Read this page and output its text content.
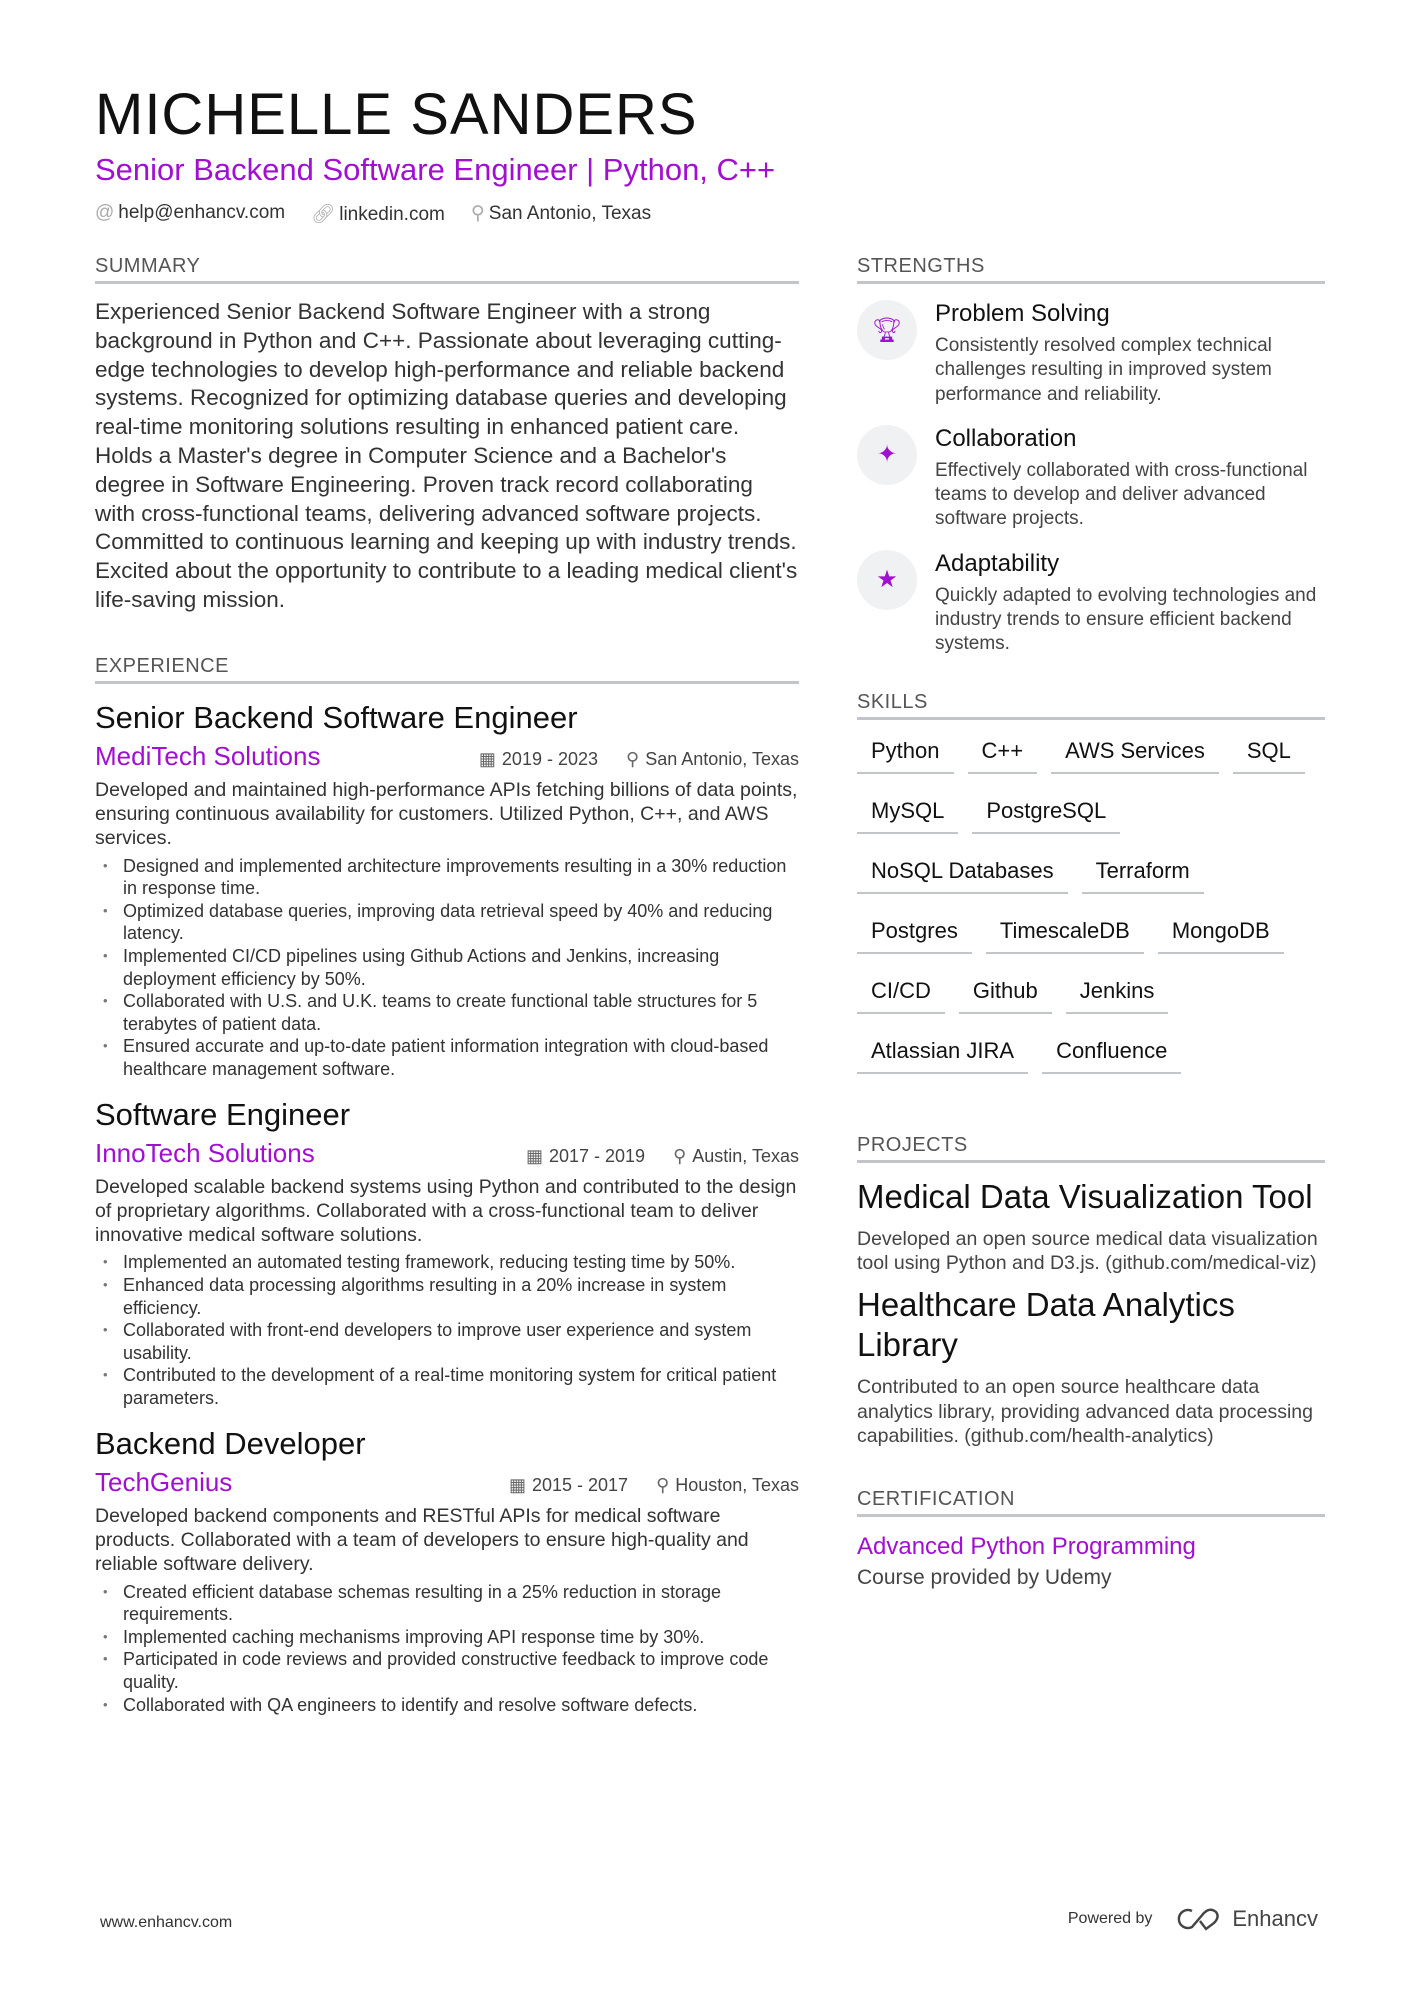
MICHELLE SANDERS
Senior Backend Software Engineer | Python, C++
@ help@enhancv.com 🔗︎ linkedin.com ⚲ San Antonio, Texas
SUMMARY

Experienced Senior Backend Software Engineer with a strong background in Python and C++. Passionate about leveraging cutting-edge technologies to develop high-performance and reliable backend systems. Recognized for optimizing database queries and developing real-time monitoring solutions resulting in enhanced patient care. Holds a Master's degree in Computer Science and a Bachelor's degree in Software Engineering. Proven track record collaborating with cross-functional teams, delivering advanced software projects. Committed to continuous learning and keeping up with industry trends. Excited about the opportunity to contribute to a leading medical client's life-saving mission.

EXPERIENCE
Senior Backend Software Engineer
MediTech Solutions	▦ 2019 - 2023 ⚲ San Antonio, Texas

Developed and maintained high-performance APIs fetching billions of data points, ensuring continuous availability for customers. Utilized Python, C++, and AWS services.

• Designed and implemented architecture improvements resulting in a 30% reduction in response time.
• Optimized database queries, improving data retrieval speed by 40% and reducing latency.
• Implemented CI/CD pipelines using Github Actions and Jenkins, increasing deployment efficiency by 50%.
• Collaborated with U.S. and U.K. teams to create functional table structures for 5 terabytes of patient data.
• Ensured accurate and up-to-date patient information integration with cloud-based healthcare management software.
Software Engineer
InnoTech Solutions	▦ 2017 - 2019 ⚲ Austin, Texas

Developed scalable backend systems using Python and contributed to the design of proprietary algorithms. Collaborated with a cross-functional team to deliver innovative medical software solutions.

• Implemented an automated testing framework, reducing testing time by 50%.
• Enhanced data processing algorithms resulting in a 20% increase in system efficiency.
• Collaborated with front-end developers to improve user experience and system usability.
• Contributed to the development of a real-time monitoring system for critical patient parameters.
Backend Developer
TechGenius	▦ 2015 - 2017 ⚲ Houston, Texas

Developed backend components and RESTful APIs for medical software products. Collaborated with a team of developers to ensure high-quality and reliable software delivery.

• Created efficient database schemas resulting in a 25% reduction in storage requirements.
• Implemented caching mechanisms improving API response time by 30%.
• Participated in code reviews and provided constructive feedback to improve code quality.
• Collaborated with QA engineers to identify and resolve software defects.
STRENGTHS
🏆︎
Problem Solving
Consistently resolved complex technical challenges resulting in improved system performance and reliability.
✦
Collaboration
Effectively collaborated with cross-functional teams to develop and deliver advanced software projects.
★
Adaptability
Quickly adapted to evolving technologies and industry trends to ensure efficient backend systems.
SKILLS
Python	C++	AWS Services	SQL
MySQL	PostgreSQL
NoSQL Databases	Terraform
Postgres	TimescaleDB	MongoDB
CI/CD	Github	Jenkins
Atlassian JIRA	Confluence
PROJECTS
Medical Data Visualization Tool
Developed an open source medical data visualization tool using Python and D3.js. (github.com/medical-viz)
Healthcare Data Analytics Library
Contributed to an open source healthcare data analytics library, providing advanced data processing capabilities. (github.com/health-analytics)
CERTIFICATION
Advanced Python Programming
Course provided by Udemy
www.enhancv.com	Powered by	Enhancv
